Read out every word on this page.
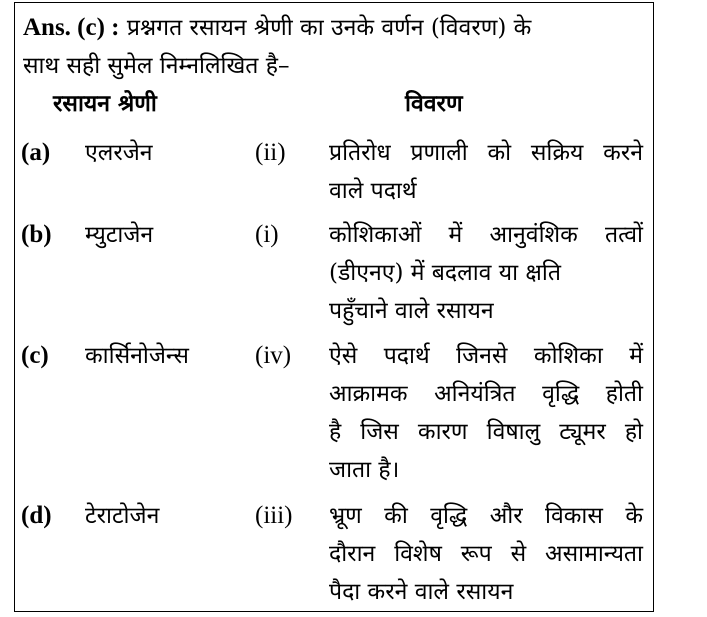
Ans. (c) : प्रश्नगत रसायन श्रेणी का उनके वर्णन (विवरण) के
साथ सही सुमेल निम्नलिखित है–
रसायन श्रेणी	विवरण
(a) एलरजेन	(ii) प्रतिरोध प्रणाली को सक्रिय करने
वाले पदार्थ
(b) म्युटाजेन	(i) कोशिकाओं में आनुवंशिक तत्वों
(डीएनए) में बदलाव या क्षति
पहुँचाने वाले रसायन
(c) कार्सिनोजेन्स	(iv) ऐसे पदार्थ जिनसे कोशिका में
आक्रामक अनियंत्रित वृद्धि होती
है जिस कारण विषालु ट्यूमर हो
जाता है।
(d) टेराटोजेन	(iii) भ्रूण की वृद्धि और विकास के
दौरान विशेष रूप से असामान्यता
पैदा करने वाले रसायन
